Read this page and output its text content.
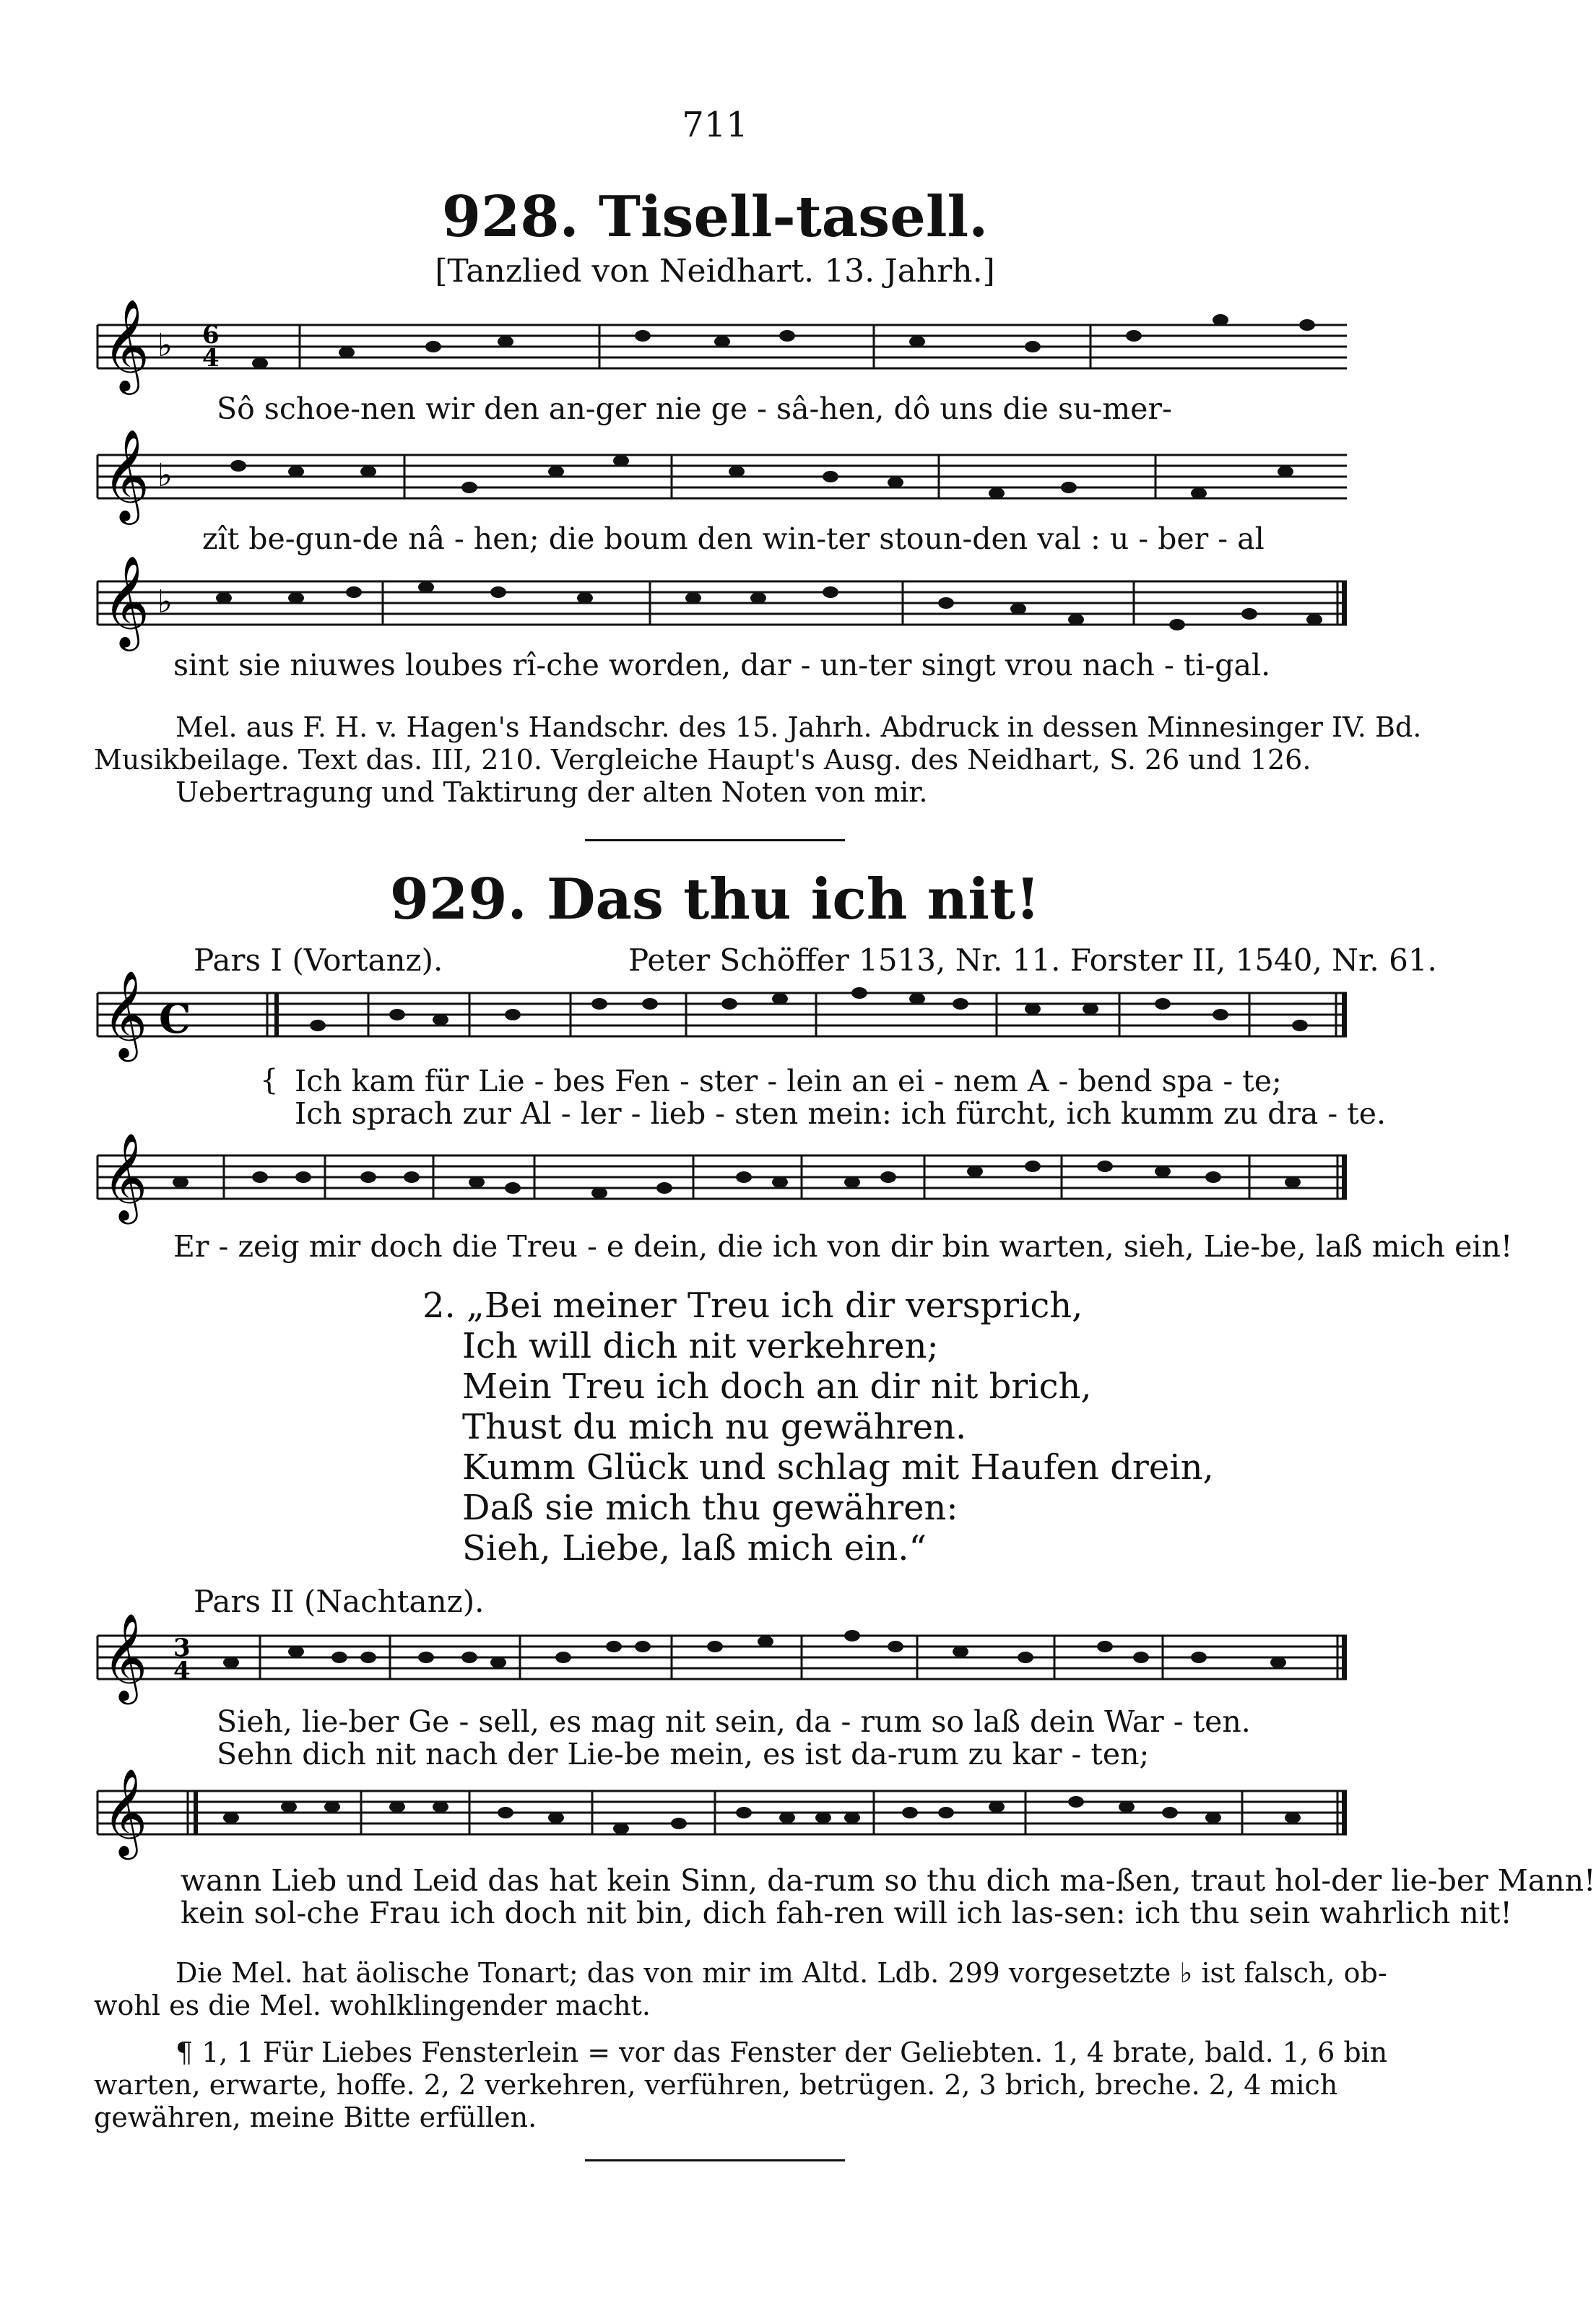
711
928. Tisell-tasell.
[Tanzlied von Neidhart. 13. Jahrh.]
𝄞 ♭ 6
4
Sô schoe-nen wir den an-ger nie ge - sâ-hen, dô uns die su-mer-
𝄞 ♭
zît be-gun-de nâ - hen; die boum den win-ter stoun-den val : u - ber - al
𝄞 ♭
sint sie niuwes loubes rî-che worden, dar - un-ter singt vrou nach - ti-gal.
Mel. aus F. H. v. Hagen's Handschr. des 15. Jahrh. Abdruck in dessen Minnesinger IV. Bd.
Musikbeilage. Text das. III, 210. Vergleiche Haupt's Ausg. des Neidhart, S. 26 und 126.
Uebertragung und Taktirung der alten Noten von mir.
929. Das thu ich nit!
Pars I (Vortanz).	Peter Schöffer 1513, Nr. 11. Forster II, 1540, Nr. 61.
𝄞 C
{ Ich kam für Lie - bes Fen - ster - lein an ei - nem A - bend spa - te;
Ich sprach zur Al - ler - lieb - sten mein: ich fürcht, ich kumm zu dra - te.
𝄞
Er - zeig mir doch die Treu - e dein, die ich von dir bin warten, sieh, Lie-be, laß mich ein!
2. „Bei meiner Treu ich dir versprich,
Ich will dich nit verkehren;
Mein Treu ich doch an dir nit brich,
Thust du mich nu gewähren.
Kumm Glück und schlag mit Haufen drein,
Daß sie mich thu gewähren:
Sieh, Liebe, laß mich ein.“
Pars II (Nachtanz).
𝄞 3
4
Sieh, lie-ber Ge - sell, es mag nit sein, da - rum so laß dein War - ten.
Sehn dich nit nach der Lie-be mein, es ist da-rum zu kar - ten;
𝄞
wann Lieb und Leid das hat kein Sinn, da-rum so thu dich ma-ßen, traut hol-der lie-ber Mann!
kein sol-che Frau ich doch nit bin, dich fah-ren will ich las-sen: ich thu sein wahrlich nit!
Die Mel. hat äolische Tonart; das von mir im Altd. Ldb. 299 vorgesetzte ♭ ist falsch, ob-
wohl es die Mel. wohlklingender macht.
¶ 1, 1 Für Liebes Fensterlein = vor das Fenster der Geliebten. 1, 4 brate, bald. 1, 6 bin
warten, erwarte, hoffe. 2, 2 verkehren, verführen, betrügen. 2, 3 brich, breche. 2, 4 mich
gewähren, meine Bitte erfüllen.
